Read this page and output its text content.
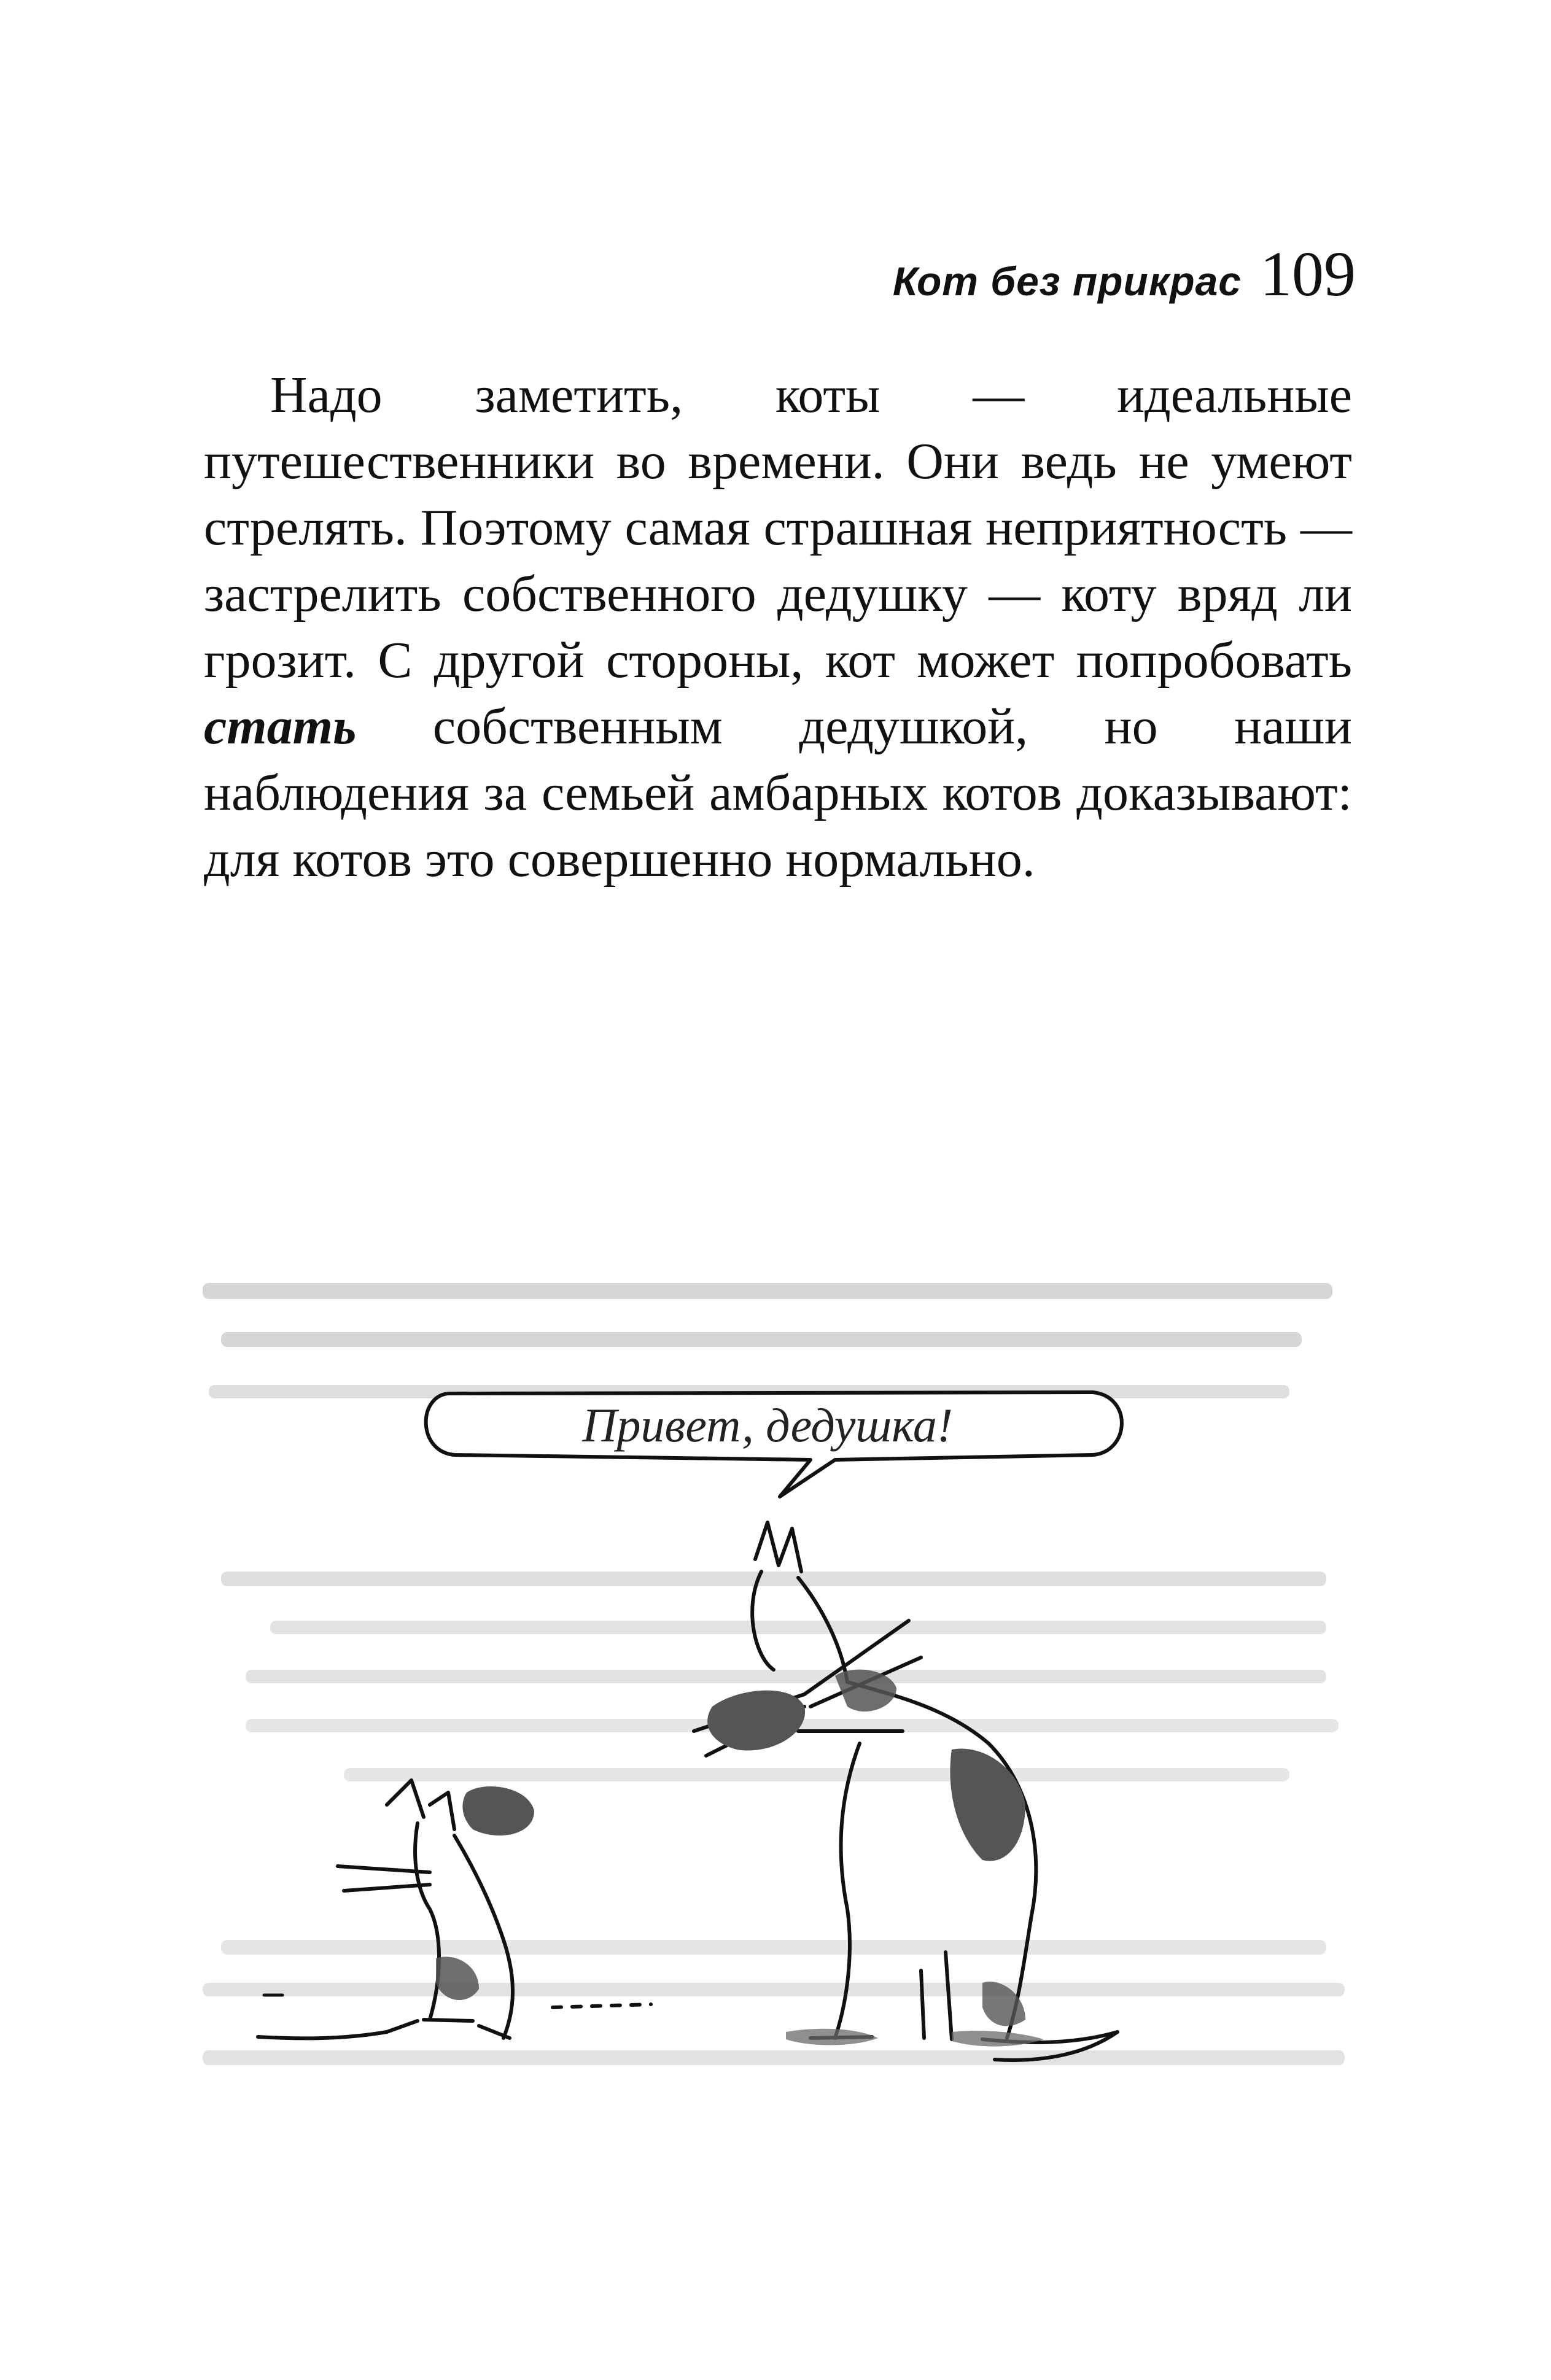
Кот без прикрас 109

Надо заметить, коты — идеальные путешественники во времени. Они ведь не умеют стрелять. Поэтому самая страшная неприятность — застрелить собственного дедушку — коту вряд ли грозит. С другой стороны, кот может попробовать стать собственным дедушкой, но наши наблюдения за семьей амбарных котов доказывают: для котов это совершенно нормально.

Привет, дедушка!
